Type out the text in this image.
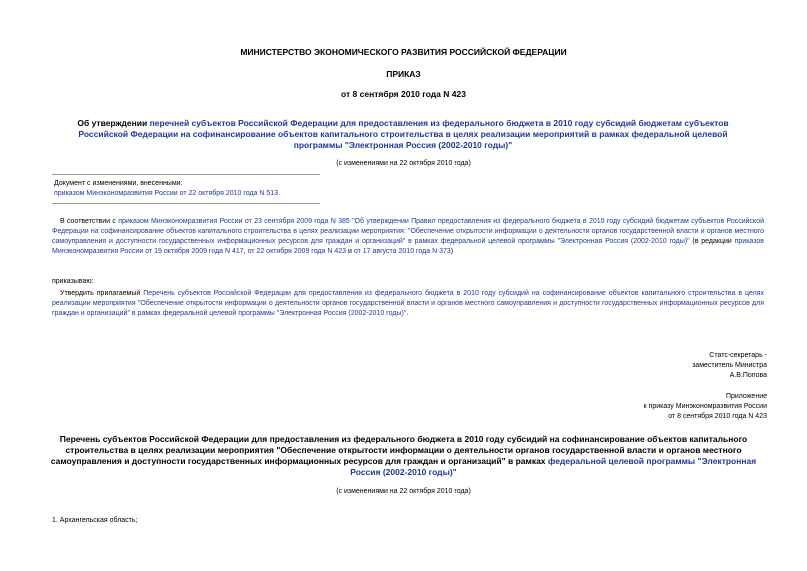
МИНИСТЕРСТВО ЭКОНОМИЧЕСКОГО РАЗВИТИЯ РОССИЙСКОЙ ФЕДЕРАЦИИ
ПРИКАЗ
от 8 сентября 2010 года N 423
Об утверждении перечней субъектов Российской Федерации для предоставления из федерального бюджета в 2010 году субсидий бюджетам субъектов Российской Федерации на софинансирование объектов капитального строительства в целях реализации мероприятий в рамках федеральной целевой программы "Электронная Россия (2002-2010 годы)"
(с изменениями на 22 октября 2010 года)
Документ с изменениями, внесенными:
приказом Минэкономразвития России от 22 октября 2010 года N 513.
В соответствии с приказом Минэкономразвития России от 23 сентября 2009 года N 385 "Об утверждении Правил предоставления из федерального бюджета в 2010 году субсидий бюджетам субъектов Российской Федерации на софинансирование объектов капитального строительства в целях реализации мероприятия: "Обеспечение открытости информации о деятельности органов государственной власти и органов местного самоуправления и доступности государственных информационных ресурсов для граждан и организаций" в рамках федеральной целевой программы "Электронная Россия (2002-2010 годы)" (в редакции приказов Минэкономразвития России от 19 октября 2009 года N 417, от 22 октября 2009 года N 423 и от 17 августа 2010 года N 373)
приказываю:
Утвердить прилагаемый Перечень субъектов Российской Федерации для предоставления из федерального бюджета в 2010 году субсидий на софинансирование объектов капитального строительства в целях реализации мероприятия "Обеспечение открытости информации о деятельности органов государственной власти и органов местного самоуправления и доступности государственных информационных ресурсов для граждан и организаций" в рамках федеральной целевой программы "Электронная Россия (2002-2010 годы)".
Статс-секретарь -
заместитель Министра
А.В.Попова
Приложение
к приказу Минэкономразвития России
от 8 сентября 2010 года N 423
Перечень субъектов Российской Федерации для предоставления из федерального бюджета в 2010 году субсидий на софинансирование объектов капитального строительства в целях реализации мероприятия "Обеспечение открытости информации о деятельности органов государственной власти и органов местного самоуправления и доступности государственных информационных ресурсов для граждан и организаций" в рамках федеральной целевой программы "Электронная Россия (2002-2010 годы)"
(с изменениями на 22 октября 2010 года)
1. Архангельская область;
